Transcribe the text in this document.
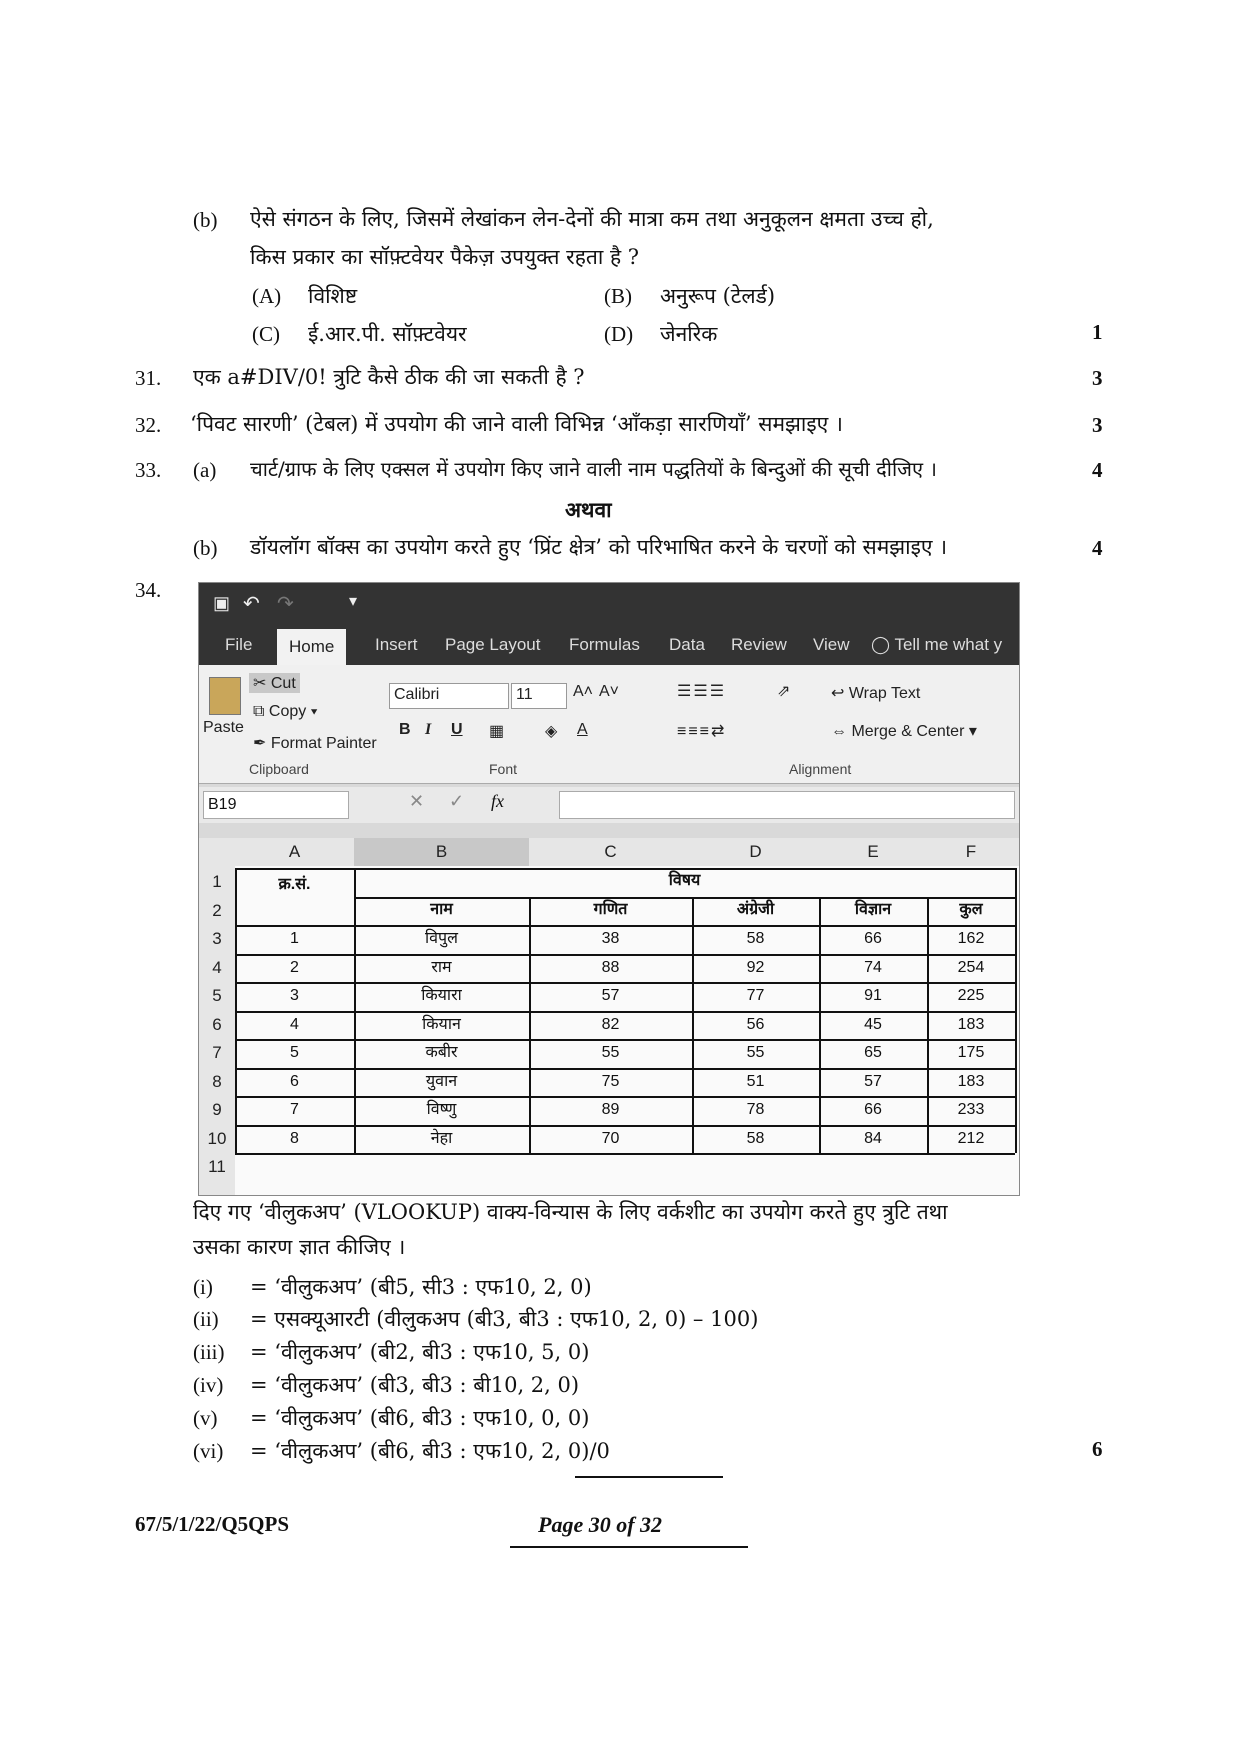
(b) ऐसे संगठन के लिए, जिसमें लेखांकन लेन-देनों की मात्रा कम तथा अनुकूलन क्षमता उच्च हो,
किस प्रकार का सॉफ़्टवेयर पैकेज़ उपयुक्त रहता है ?
(A) विशिष्ट	(B) अनुरूप (टेलर्ड)
(C) ई.आर.पी. सॉफ़्टवेयर	(D) जेनरिक	1
31. एक a#DIV/0! त्रुटि कैसे ठीक की जा सकती है ?	3
32. ‘पिवट सारणी’ (टेबल) में उपयोग की जाने वाली विभिन्न ‘आँकड़ा सारणियाँ’ समझाइए ।	3
33. (a) चार्ट/ग्राफ के लिए एक्सल में उपयोग किए जाने वाली नाम पद्धतियों के बिन्दुओं की सूची दीजिए ।	4
अथवा
(b) डॉयलॉग बॉक्स का उपयोग करते हुए ‘प्रिंट क्षेत्र’ को परिभाषित करने के चरणों को समझाइए ।	4
34.
▣ ↶ ↷	▾
File	Home	Insert Page Layout Formulas Data Review View ◯ Tell me what y
Paste
✂ Cut
⧉ Copy ▾
✒ Format Painter
Clipboard
Calibri	11	A˄ A˅
B I U ▦	◈ A
Font
☰☰☰	⇗
≡≡≡⇄
↩ Wrap Text
⇔ Merge & Center ▾
Alignment
B19	✕ ✓ fx
A	B	C	D	E	F
1
2
3
4
5
6
7
8
9
10
11
क्र.सं.	विषय
नाम	गणित	अंग्रेजी	विज्ञान	कुल
1	विपुल	38	58	66	162
2	राम	88	92	74	254
3	कियारा	57	77	91	225
4	कियान	82	56	45	183
5	कबीर	55	55	65	175
6	युवान	75	51	57	183
7	विष्णु	89	78	66	233
8	नेहा	70	58	84	212
दिए गए ‘वीलुकअप’ (VLOOKUP) वाक्य-विन्यास के लिए वर्कशीट का उपयोग करते हुए त्रुटि तथा
उसका कारण ज्ञात कीजिए ।
(i) = ‘वीलुकअप’ (बी5, सी3 : एफ10, 2, 0)
(ii) = एसक्यूआरटी (वीलुकअप (बी3, बी3 : एफ10, 2, 0) – 100)
(iii) = ‘वीलुकअप’ (बी2, बी3 : एफ10, 5, 0)
(iv) = ‘वीलुकअप’ (बी3, बी3 : बी10, 2, 0)
(v) = ‘वीलुकअप’ (बी6, बी3 : एफ10, 0, 0)
(vi) = ‘वीलुकअप’ (बी6, बी3 : एफ10, 2, 0)/0	6
67/5/1/22/Q5QPS	Page 30 of 32
